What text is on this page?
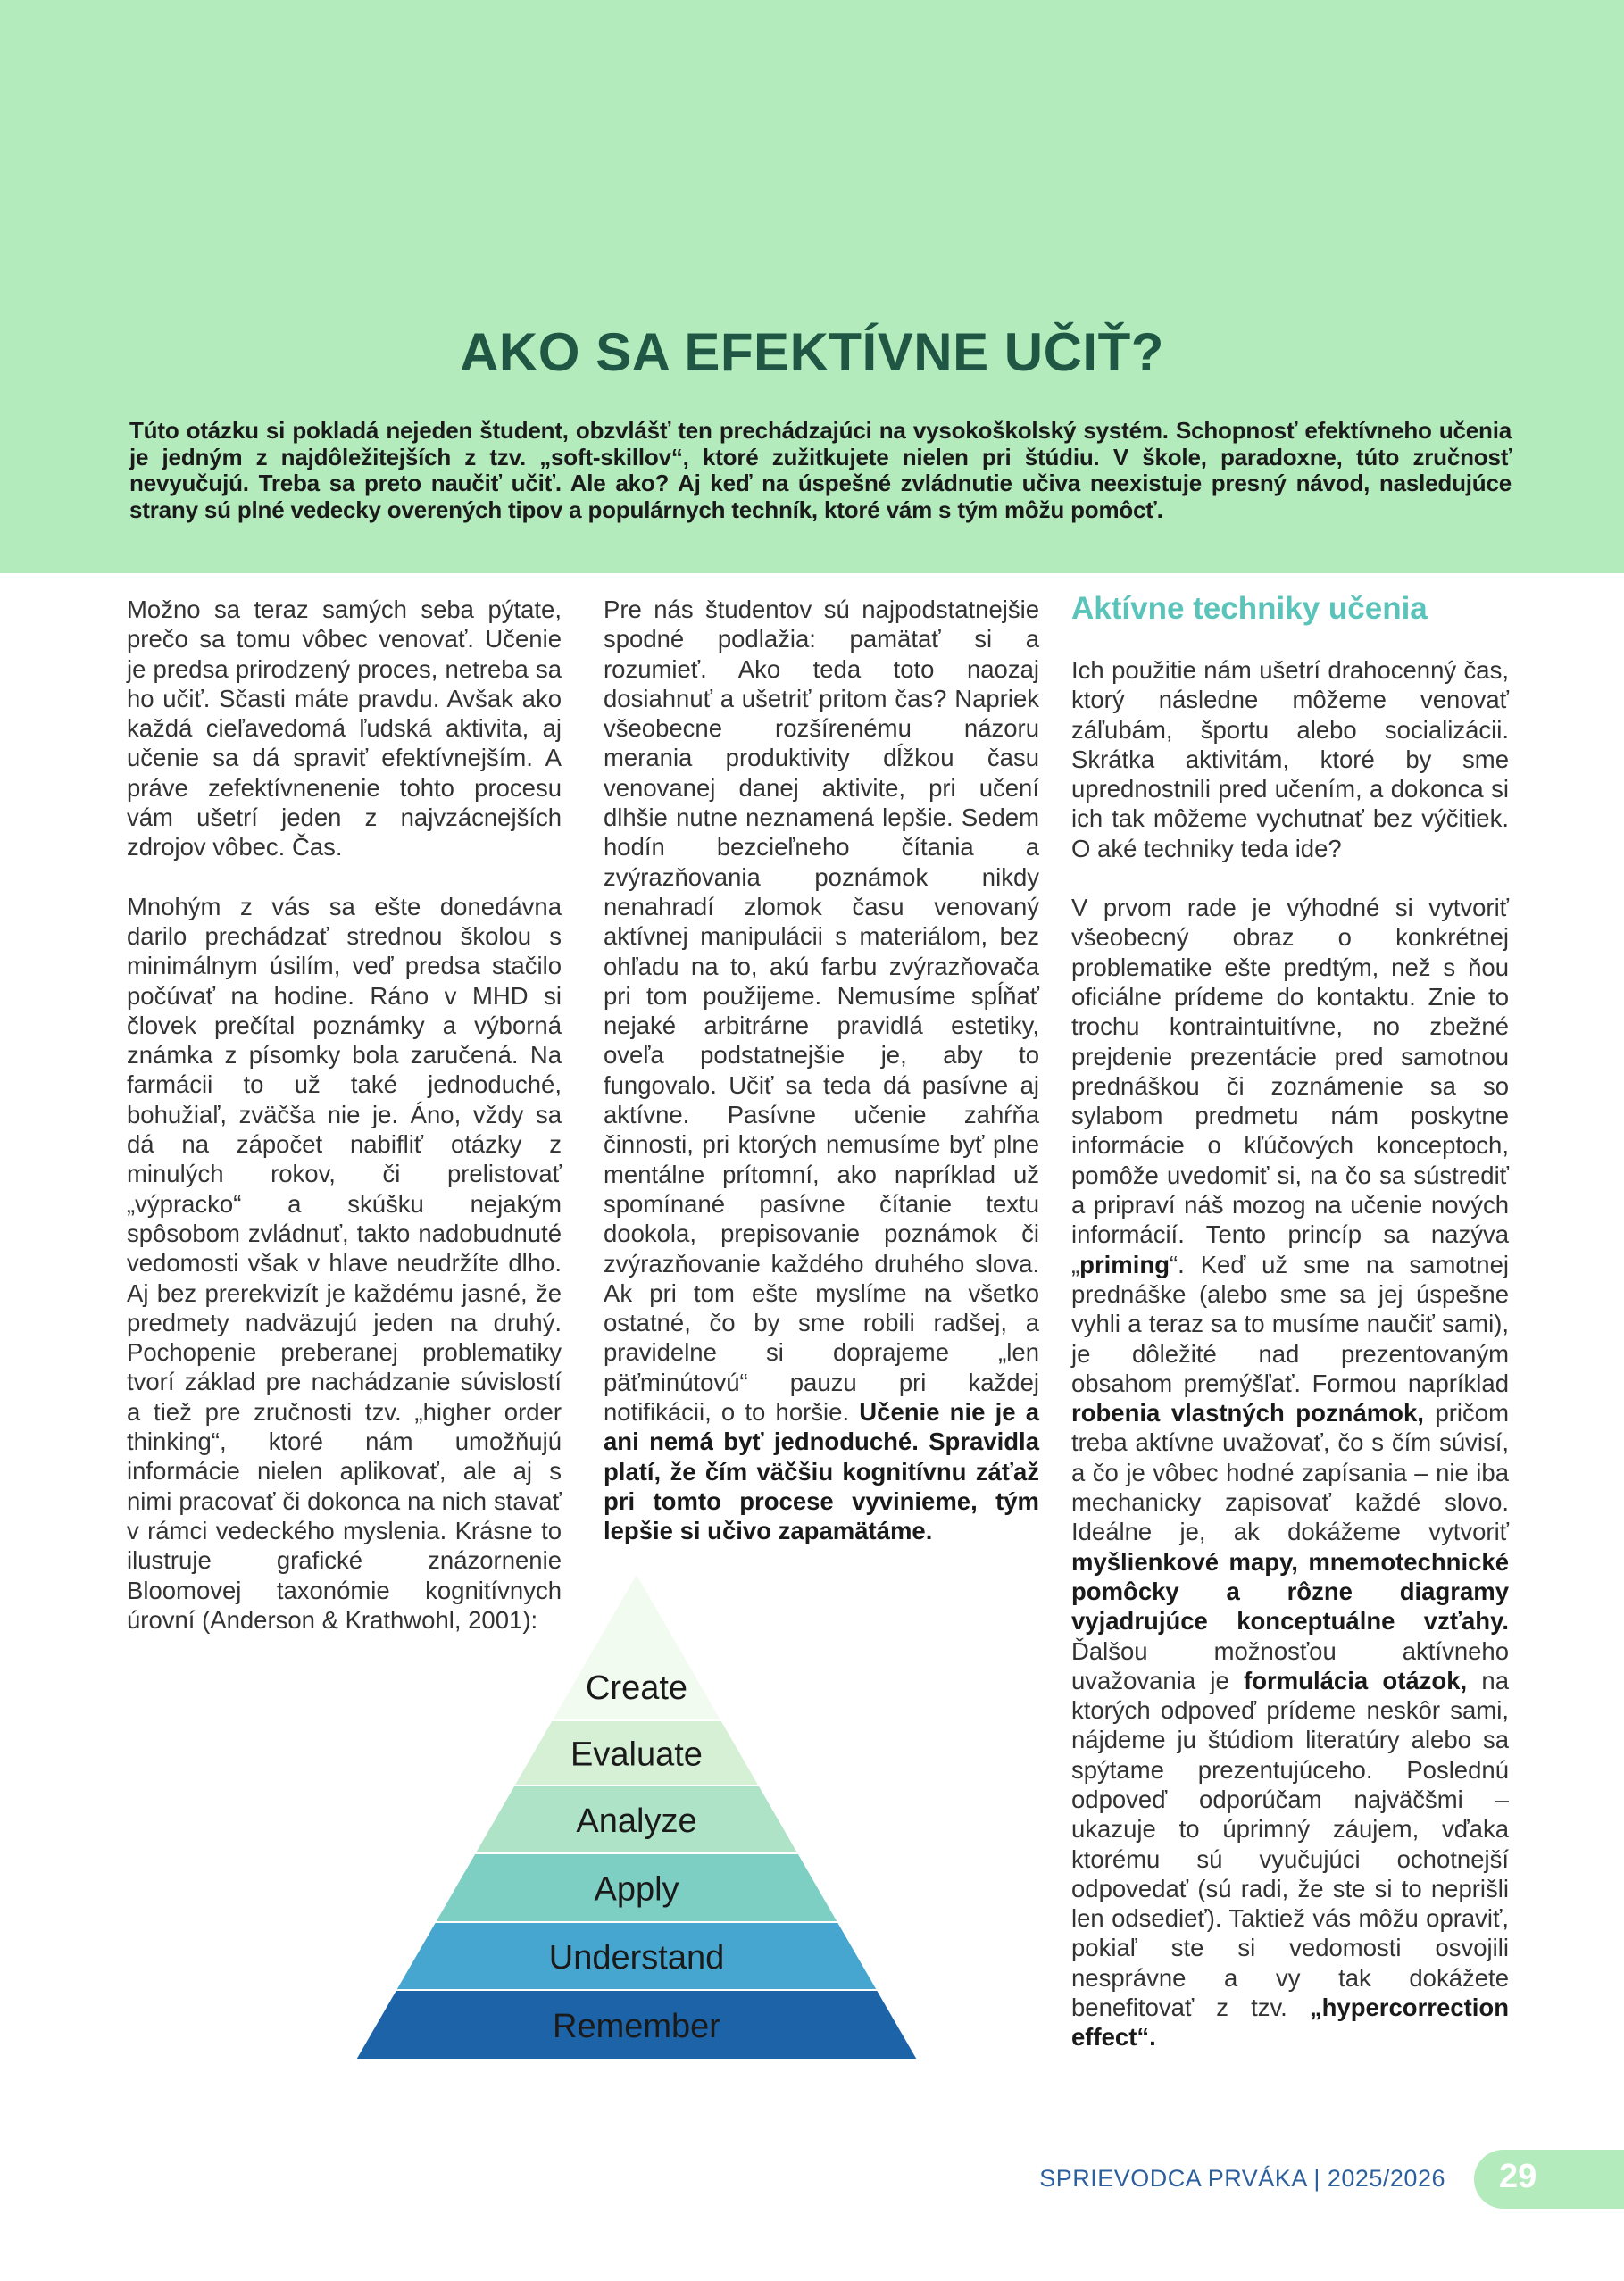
AKO SA EFEKTÍVNE UČIŤ?

Túto otázku si pokladá nejeden študent, obzvlášť ten prechádzajúci na vysokoškolský systém. Schopnosť efektívneho učenia je jedným z najdôležitejších z tzv. „soft-skillov“, ktoré zužitkujete nielen pri štúdiu. V škole, paradoxne, túto zručnosť nevyučujú. Treba sa preto naučiť učiť. Ale ako? Aj keď na úspešné zvládnutie učiva neexistuje presný návod, nasledujúce strany sú plné vedecky overených tipov a populárnych techník, ktoré vám s tým môžu pomôcť.

Možno sa teraz samých seba pýtate, prečo sa tomu vôbec venovať. Učenie je predsa prirodzený proces, netreba sa ho učiť. Sčasti máte pravdu. Avšak ako každá cieľavedomá ľudská aktivita, aj učenie sa dá spraviť efektívnejším. A práve zefektívnenenie tohto procesu vám ušetrí jeden z najvzácnejších zdrojov vôbec. Čas.

Mnohým z vás sa ešte donedávna darilo prechádzať strednou školou s minimálnym úsilím, veď predsa stačilo počúvať na hodine. Ráno v MHD si človek prečítal poznámky a výborná známka z písomky bola zaručená. Na farmácii to už také jednoduché, bohužiaľ, zväčša nie je. Áno, vždy sa dá na zápočet nabifliť otázky z minulých rokov, či prelistovať „výpracko“ a skúšku nejakým spôsobom zvládnuť, takto nadobudnuté vedomosti však v hlave neudržíte dlho. Aj bez prerekvizít je každému jasné, že predmety nadväzujú jeden na druhý. Pochopenie preberanej problematiky tvorí základ pre nachádzanie súvislostí a tiež pre zručnosti tzv. „higher order thinking“, ktoré nám umožňujú informácie nielen aplikovať, ale aj s nimi pracovať či dokonca na nich stavať v rámci vedeckého myslenia. Krásne to ilustruje grafické znázornenie Bloomovej taxonómie kognitívnych úrovní (Anderson & Krathwohl, 2001):

Pre nás študentov sú najpodstatnejšie spodné podlažia: pamätať si a rozumieť. Ako teda toto naozaj dosiahnuť a ušetriť pritom čas? Napriek všeobecne rozšírenému názoru merania produktivity dĺžkou času venovanej danej aktivite, pri učení dlhšie nutne neznamená lepšie. Sedem hodín bezcieľneho čítania a zvýrazňovania poznámok nikdy nenahradí zlomok času venovaný aktívnej manipulácii s materiálom, bez ohľadu na to, akú farbu zvýrazňovača pri tom použijeme. Nemusíme spĺňať nejaké arbitrárne pravidlá estetiky, oveľa podstatnejšie je, aby to fungovalo. Učiť sa teda dá pasívne aj aktívne. Pasívne učenie zahŕňa činnosti, pri ktorých nemusíme byť plne mentálne prítomní, ako napríklad už spomínané pasívne čítanie textu dookola, prepisovanie poznámok či zvýrazňovanie každého druhého slova. Ak pri tom ešte myslíme na všetko ostatné, čo by sme robili radšej, a pravidelne si doprajeme „len päťminútovú“ pauzu pri každej notifikácii, o to horšie. Učenie nie je a ani nemá byť jednoduché. Spravidla platí, že čím väčšiu kognitívnu záťaž pri tomto procese vyvinieme, tým lepšie si učivo zapamätáme.

Aktívne techniky učenia

Ich použitie nám ušetrí drahocenný čas, ktorý následne môžeme venovať záľubám, športu alebo socializácii. Skrátka aktivitám, ktoré by sme uprednostnili pred učením, a dokonca si ich tak môžeme vychutnať bez výčitiek. O aké techniky teda ide?

V prvom rade je výhodné si vytvoriť všeobecný obraz o konkrétnej problematike ešte predtým, než s ňou oficiálne prídeme do kontaktu. Znie to trochu kontraintuitívne, no zbežné prejdenie prezentácie pred samotnou prednáškou či zoznámenie sa so sylabom predmetu nám poskytne informácie o kľúčových konceptoch, pomôže uvedomiť si, na čo sa sústrediť a pripraví náš mozog na učenie nových informácií. Tento princíp sa nazýva „priming“. Keď už sme na samotnej prednáške (alebo sme sa jej úspešne vyhli a teraz sa to musíme naučiť sami), je dôležité nad prezentovaným obsahom premýšľať. Formou napríklad robenia vlastných poznámok, pričom treba aktívne uvažovať, čo s čím súvisí, a čo je vôbec hodné zapísania – nie iba mechanicky zapisovať každé slovo. Ideálne je, ak dokážeme vytvoriť myšlienkové mapy, mnemotechnické pomôcky a rôzne diagramy vyjadrujúce konceptuálne vzťahy. Ďalšou možnosťou aktívneho uvažovania je formulácia otázok, na ktorých odpoveď prídeme neskôr sami, nájdeme ju štúdiom literatúry alebo sa spýtame prezentujúceho. Poslednú odpoveď odporúčam najväčšmi – ukazuje to úprimný záujem, vďaka ktorému sú vyučujúci ochotnejší odpovedať (sú radi, že ste si to neprišli len odsedieť). Taktiež vás môžu opraviť, pokiaľ ste si vedomosti osvojili nesprávne a vy tak dokážete benefitovať z tzv. „hypercorrection effect“.

Create
Evaluate
Analyze
Apply
Understand
Remember
SPRIEVODCA PRVÁKA | 2025/2026 29
